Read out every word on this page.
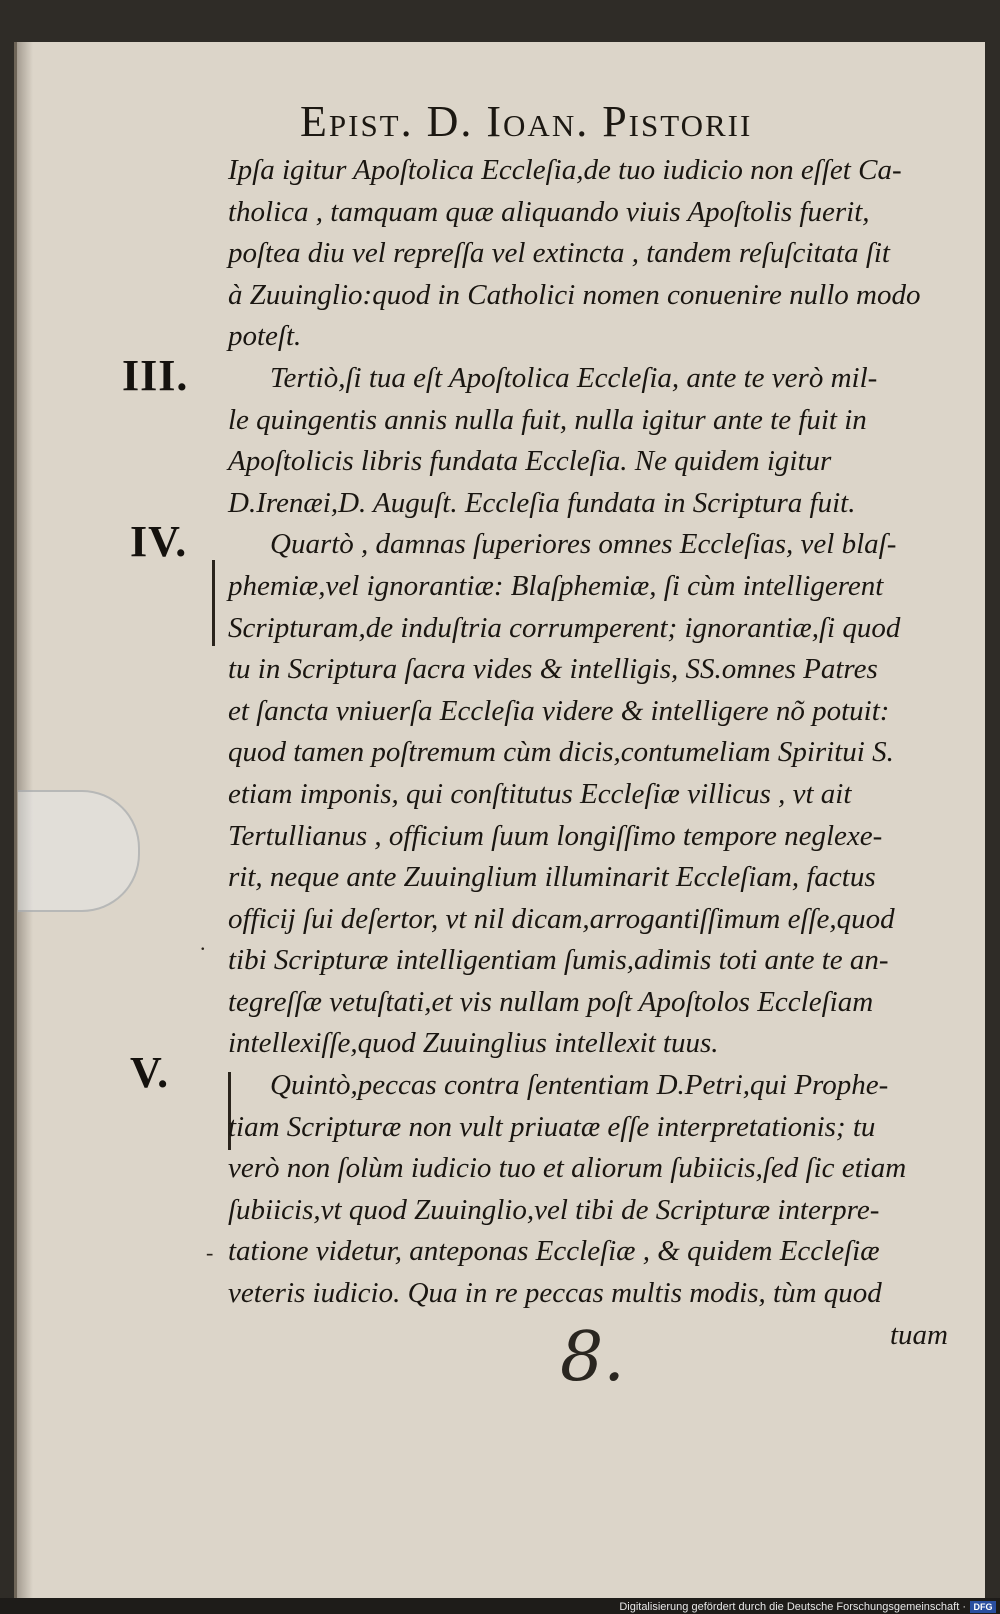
Epist. D. Ioan. Pistorii
III.
IV.
V.
.
-
Ipſa igitur Apoſtolica Eccleſia,de tuo iudicio non eſſet Ca-
tholica , tamquam quæ aliquando viuis Apoſtolis fuerit,
poſtea diu vel repreſſa vel extincta , tandem reſuſcitata ſit
à Zuuinglio:quod in Catholici nomen conuenire nullo modo
poteſt.
Tertiò,ſi tua eſt Apoſtolica Eccleſia, ante te verò mil-
le quingentis annis nulla fuit, nulla igitur ante te fuit in
Apoſtolicis libris fundata Eccleſia. Ne quidem igitur
D.Irenæi,D. Auguſt. Eccleſia fundata in Scriptura fuit.
Quartò , damnas ſuperiores omnes Eccleſias, vel blaſ-
phemiæ,vel ignorantiæ: Blaſphemiæ, ſi cùm intelligerent
Scripturam,de induſtria corrumperent; ignorantiæ,ſi quod
tu in Scriptura ſacra vides & intelligis, SS.omnes Patres
et ſancta vniuerſa Eccleſia videre & intelligere nõ potuit:
quod tamen poſtremum cùm dicis,contumeliam Spiritui S.
etiam imponis, qui conſtitutus Eccleſiæ villicus , vt ait
Tertullianus , officium ſuum longiſſimo tempore neglexe-
rit, neque ante Zuuinglium illuminarit Eccleſiam, factus
officij ſui deſertor, vt nil dicam,arrogantiſſimum eſſe,quod
tibi Scripturæ intelligentiam ſumis,adimis toti ante te an-
tegreſſæ vetuſtati,et vis nullam poſt Apoſtolos Eccleſiam
intellexiſſe,quod Zuuinglius intellexit tuus.
Quintò,peccas contra ſententiam D.Petri,qui Prophe-
tiam Scripturæ non vult priuatæ eſſe interpretationis; tu
verò non ſolùm iudicio tuo et aliorum ſubiicis,ſed ſic etiam
ſubiicis,vt quod Zuuinglio,vel tibi de Scripturæ interpre-
tatione videtur, anteponas Eccleſiæ , & quidem Eccleſiæ
veteris iudicio. Qua in re peccas multis modis, tùm quod
tuam
8.
Digitalisierung gefördert durch die Deutsche Forschungsgemeinschaft · DFG
